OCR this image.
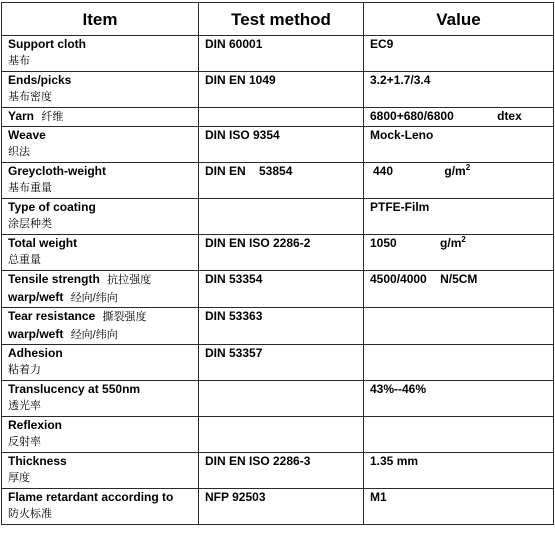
Item	Test method	Value

Support cloth
基布	DIN 60001	EC9

Ends/picks
基布密度	DIN EN 1049	3.2+1.7/3.4
Yarn 纤维		6800+680/6800 dtex

Weave
织法	DIN ISO 9354	Mock-Leno

Greycloth-weight
基布重量	DIN EN    53854	440 $g/m^2$

Type of coating
涂层种类		PTFE-Film

Total weight
总重量	DIN EN ISO 2286-2	1050 $g/m^2$
Tensile strength 抗拉强度
warp/weft 经向/纬向	DIN 53354	4500/4000 N/5CM
Tear resistance 撕裂强度
warp/weft 经向/纬向	DIN 53363	

Adhesion
粘着力	DIN 53357	

Translucency at 550nm
透光率		43%--46%

Reflexion
反射率		

Thickness
厚度	DIN EN ISO 2286-3	1.35 mm

Flame retardant according to
防火标准	NFP 92503	M1
